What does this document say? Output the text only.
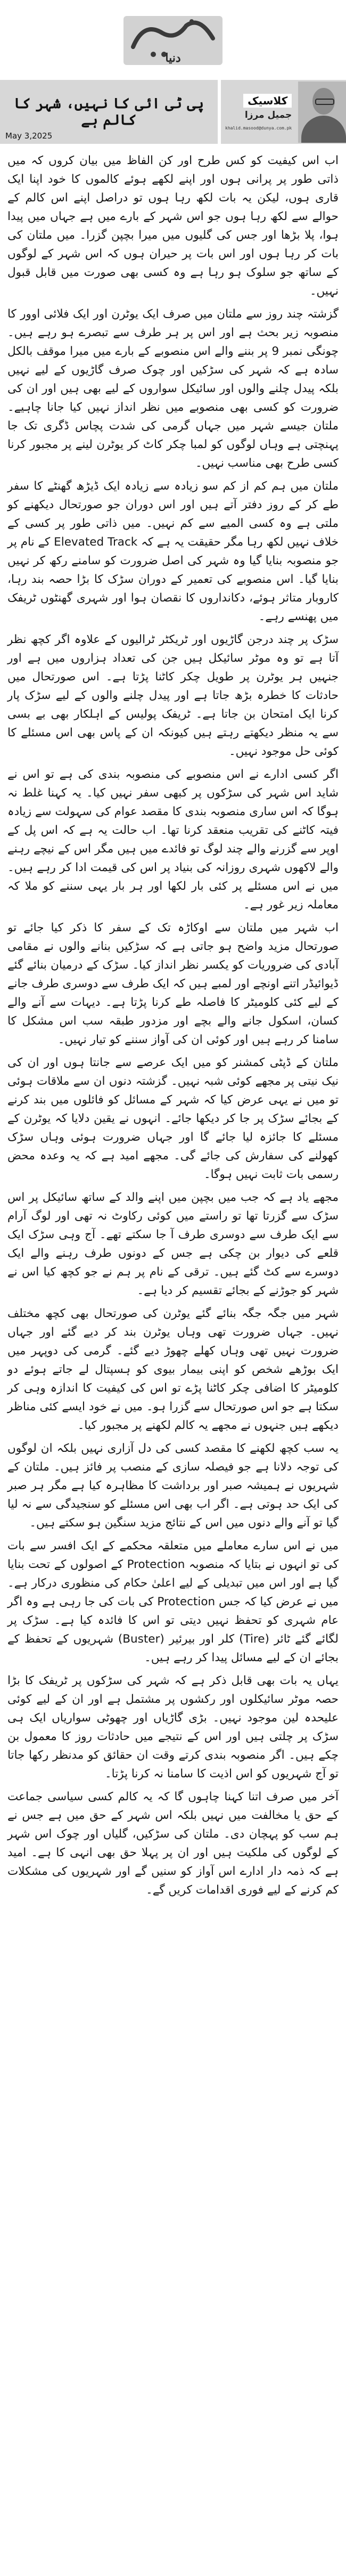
دنیا
کلاسیک
جمیل مرزا
khalid.masood@dunya.com.pk
پی ٹی ائی کا نہیں، شہر کا کالم ہے
May 3,2025

اب اس کیفیت کو کس طرح اور کن الفاظ میں بیان کروں کہ میں ذاتی طور پر پرانی ہوں اور اپنے لکھے ہوئے کالموں کا خود اپنا ایک قاری ہوں، لیکن یہ بات لکھ رہا ہوں تو دراصل اپنے اس کالم کے حوالے سے لکھ رہا ہوں جو اس شہر کے بارے میں ہے جہاں میں پیدا ہوا، پلا بڑھا اور جس کی گلیوں میں میرا بچپن گزرا۔ میں ملتان کی بات کر رہا ہوں اور اس بات پر حیران ہوں کہ اس شہر کے لوگوں کے ساتھ جو سلوک ہو رہا ہے وہ کسی بھی صورت میں قابل قبول نہیں۔

گزشتہ چند روز سے ملتان میں صرف ایک یوٹرن اور ایک فلائی اوور کا منصوبہ زیر بحث ہے اور اس پر ہر طرف سے تبصرے ہو رہے ہیں۔ چونگی نمبر 9 پر بننے والے اس منصوبے کے بارے میں میرا موقف بالکل سادہ ہے کہ شہر کی سڑکیں اور چوک صرف گاڑیوں کے لیے نہیں بلکہ پیدل چلنے والوں اور سائیکل سواروں کے لیے بھی ہیں اور ان کی ضرورت کو کسی بھی منصوبے میں نظر انداز نہیں کیا جانا چاہیے۔ ملتان جیسے شہر میں جہاں گرمی کی شدت پچاس ڈگری تک جا پہنچتی ہے وہاں لوگوں کو لمبا چکر کاٹ کر یوٹرن لینے پر مجبور کرنا کسی طرح بھی مناسب نہیں۔

ملتان میں ہم کم از کم سو زیادہ سے زیادہ ایک ڈیڑھ گھنٹے کا سفر طے کر کے روز دفتر آتے ہیں اور اس دوران جو صورتحال دیکھنے کو ملتی ہے وہ کسی المیے سے کم نہیں۔ میں ذاتی طور پر کسی کے خلاف نہیں لکھ رہا مگر حقیقت یہ ہے کہ Elevated Track کے نام پر جو منصوبہ بنایا گیا وہ شہر کی اصل ضرورت کو سامنے رکھ کر نہیں بنایا گیا۔ اس منصوبے کی تعمیر کے دوران سڑک کا بڑا حصہ بند رہا، کاروبار متاثر ہوئے، دکانداروں کا نقصان ہوا اور شہری گھنٹوں ٹریفک میں پھنسے رہے۔

سڑک پر چند درجن گاڑیوں اور ٹریکٹر ٹرالیوں کے علاوہ اگر کچھ نظر آتا ہے تو وہ موٹر سائیکل ہیں جن کی تعداد ہزاروں میں ہے اور جنہیں ہر یوٹرن پر طویل چکر کاٹنا پڑتا ہے۔ اس صورتحال میں حادثات کا خطرہ بڑھ جاتا ہے اور پیدل چلنے والوں کے لیے سڑک پار کرنا ایک امتحان بن جاتا ہے۔ ٹریفک پولیس کے اہلکار بھی بے بسی سے یہ منظر دیکھتے رہتے ہیں کیونکہ ان کے پاس بھی اس مسئلے کا کوئی حل موجود نہیں۔

اگر کسی ادارے نے اس منصوبے کی منصوبہ بندی کی ہے تو اس نے شاید اس شہر کی سڑکوں پر کبھی سفر نہیں کیا۔ یہ کہنا غلط نہ ہوگا کہ اس ساری منصوبہ بندی کا مقصد عوام کی سہولت سے زیادہ فیتہ کاٹنے کی تقریب منعقد کرنا تھا۔ اب حالت یہ ہے کہ اس پل کے اوپر سے گزرنے والے چند لوگ تو فائدے میں ہیں مگر اس کے نیچے رہنے والے لاکھوں شہری روزانہ کی بنیاد پر اس کی قیمت ادا کر رہے ہیں۔ میں نے اس مسئلے پر کئی بار لکھا اور ہر بار یہی سننے کو ملا کہ معاملہ زیر غور ہے۔

اب شہر میں ملتان سے اوکاڑہ تک کے سفر کا ذکر کیا جائے تو صورتحال مزید واضح ہو جاتی ہے کہ سڑکیں بنانے والوں نے مقامی آبادی کی ضروریات کو یکسر نظر انداز کیا۔ سڑک کے درمیان بنائے گئے ڈیوائیڈر اتنے اونچے اور لمبے ہیں کہ ایک طرف سے دوسری طرف جانے کے لیے کئی کلومیٹر کا فاصلہ طے کرنا پڑتا ہے۔ دیہات سے آنے والے کسان، اسکول جانے والے بچے اور مزدور طبقہ سب اس مشکل کا سامنا کر رہے ہیں اور کوئی ان کی آواز سننے کو تیار نہیں۔

ملتان کے ڈپٹی کمشنر کو میں ایک عرصے سے جانتا ہوں اور ان کی نیک نیتی پر مجھے کوئی شبہ نہیں۔ گزشتہ دنوں ان سے ملاقات ہوئی تو میں نے یہی عرض کیا کہ شہر کے مسائل کو فائلوں میں بند کرنے کے بجائے سڑک پر جا کر دیکھا جائے۔ انہوں نے یقین دلایا کہ یوٹرن کے مسئلے کا جائزہ لیا جائے گا اور جہاں ضرورت ہوئی وہاں سڑک کھولنے کی سفارش کی جائے گی۔ مجھے امید ہے کہ یہ وعدہ محض رسمی بات ثابت نہیں ہوگا۔

مجھے یاد ہے کہ جب میں بچپن میں اپنے والد کے ساتھ سائیکل پر اس سڑک سے گزرتا تھا تو راستے میں کوئی رکاوٹ نہ تھی اور لوگ آرام سے ایک طرف سے دوسری طرف آ جا سکتے تھے۔ آج وہی سڑک ایک قلعے کی دیوار بن چکی ہے جس کے دونوں طرف رہنے والے ایک دوسرے سے کٹ گئے ہیں۔ ترقی کے نام پر ہم نے جو کچھ کیا اس نے شہر کو جوڑنے کے بجائے تقسیم کر دیا ہے۔

شہر میں جگہ جگہ بنائے گئے یوٹرن کی صورتحال بھی کچھ مختلف نہیں۔ جہاں ضرورت تھی وہاں یوٹرن بند کر دیے گئے اور جہاں ضرورت نہیں تھی وہاں کھلے چھوڑ دیے گئے۔ گرمی کی دوپہر میں ایک بوڑھے شخص کو اپنی بیمار بیوی کو ہسپتال لے جاتے ہوئے دو کلومیٹر کا اضافی چکر کاٹنا پڑے تو اس کی کیفیت کا اندازہ وہی کر سکتا ہے جو اس صورتحال سے گزرا ہو۔ میں نے خود ایسے کئی مناظر دیکھے ہیں جنہوں نے مجھے یہ کالم لکھنے پر مجبور کیا۔

یہ سب کچھ لکھنے کا مقصد کسی کی دل آزاری نہیں بلکہ ان لوگوں کی توجہ دلانا ہے جو فیصلہ سازی کے منصب پر فائز ہیں۔ ملتان کے شہریوں نے ہمیشہ صبر اور برداشت کا مظاہرہ کیا ہے مگر ہر صبر کی ایک حد ہوتی ہے۔ اگر اب بھی اس مسئلے کو سنجیدگی سے نہ لیا گیا تو آنے والے دنوں میں اس کے نتائج مزید سنگین ہو سکتے ہیں۔

میں نے اس سارے معاملے میں متعلقہ محکمے کے ایک افسر سے بات کی تو انہوں نے بتایا کہ منصوبہ Protection کے اصولوں کے تحت بنایا گیا ہے اور اس میں تبدیلی کے لیے اعلیٰ حکام کی منظوری درکار ہے۔ میں نے عرض کیا کہ جس Protection کی بات کی جا رہی ہے وہ اگر عام شہری کو تحفظ نہیں دیتی تو اس کا فائدہ کیا ہے۔ سڑک پر لگائے گئے ٹائر (Tire) کلر اور بیرئیر (Buster) شہریوں کے تحفظ کے بجائے ان کے لیے مسائل پیدا کر رہے ہیں۔

یہاں یہ بات بھی قابل ذکر ہے کہ شہر کی سڑکوں پر ٹریفک کا بڑا حصہ موٹر سائیکلوں اور رکشوں پر مشتمل ہے اور ان کے لیے کوئی علیحدہ لین موجود نہیں۔ بڑی گاڑیاں اور چھوٹی سواریاں ایک ہی سڑک پر چلتی ہیں اور اس کے نتیجے میں حادثات روز کا معمول بن چکے ہیں۔ اگر منصوبہ بندی کرتے وقت ان حقائق کو مدنظر رکھا جاتا تو آج شہریوں کو اس اذیت کا سامنا نہ کرنا پڑتا۔

آخر میں صرف اتنا کہنا چاہوں گا کہ یہ کالم کسی سیاسی جماعت کے حق یا مخالفت میں نہیں بلکہ اس شہر کے حق میں ہے جس نے ہم سب کو پہچان دی۔ ملتان کی سڑکیں، گلیاں اور چوک اس شہر کے لوگوں کی ملکیت ہیں اور ان پر پہلا حق بھی انہی کا ہے۔ امید ہے کہ ذمہ دار ادارے اس آواز کو سنیں گے اور شہریوں کی مشکلات کم کرنے کے لیے فوری اقدامات کریں گے۔
